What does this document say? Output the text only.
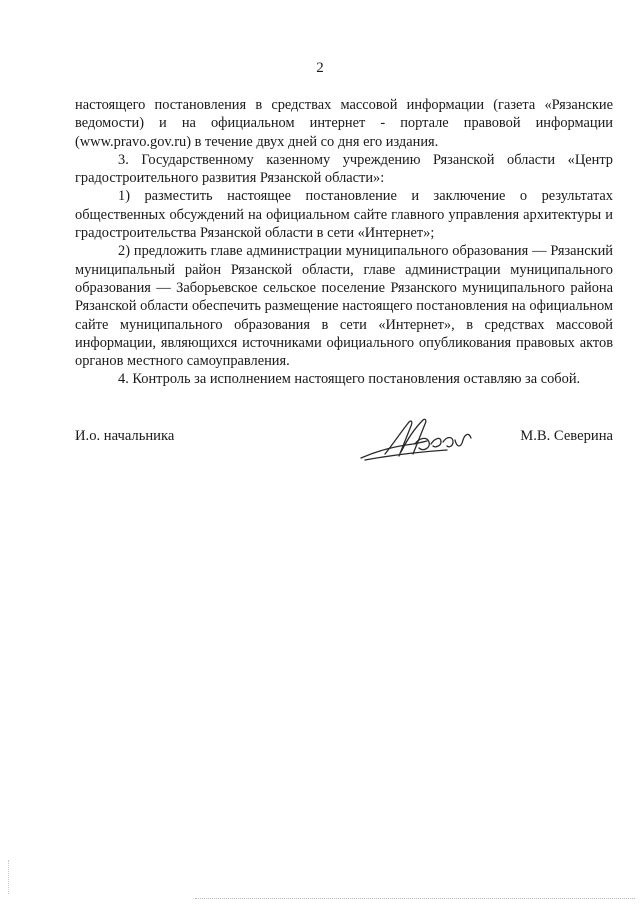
2

настоящего постановления в средствах массовой информации (газета «Рязанские ведомости) и на официальном интернет - портале правовой информации (www.pravo.gov.ru) в течение двух дней со дня его издания.

3. Государственному казенному учреждению Рязанской области «Центр градостроительного развития Рязанской области»:

1) разместить настоящее постановление и заключение о результатах общественных обсуждений на официальном сайте главного управления архитектуры и градостроительства Рязанской области в сети «Интернет»;

2) предложить главе администрации муниципального образования — Рязанский муниципальный район Рязанской области, главе администрации муниципального образования — Заборьевское сельское поселение Рязанского муниципального района Рязанской области обеспечить размещение настоящего постановления на официальном сайте муниципального образования в сети «Интернет», в средствах массовой информации, являющихся источниками официального опубликования правовых актов органов местного самоуправления.

4. Контроль за исполнением настоящего постановления оставляю за собой.

И.о. начальника	М.В. Северина
